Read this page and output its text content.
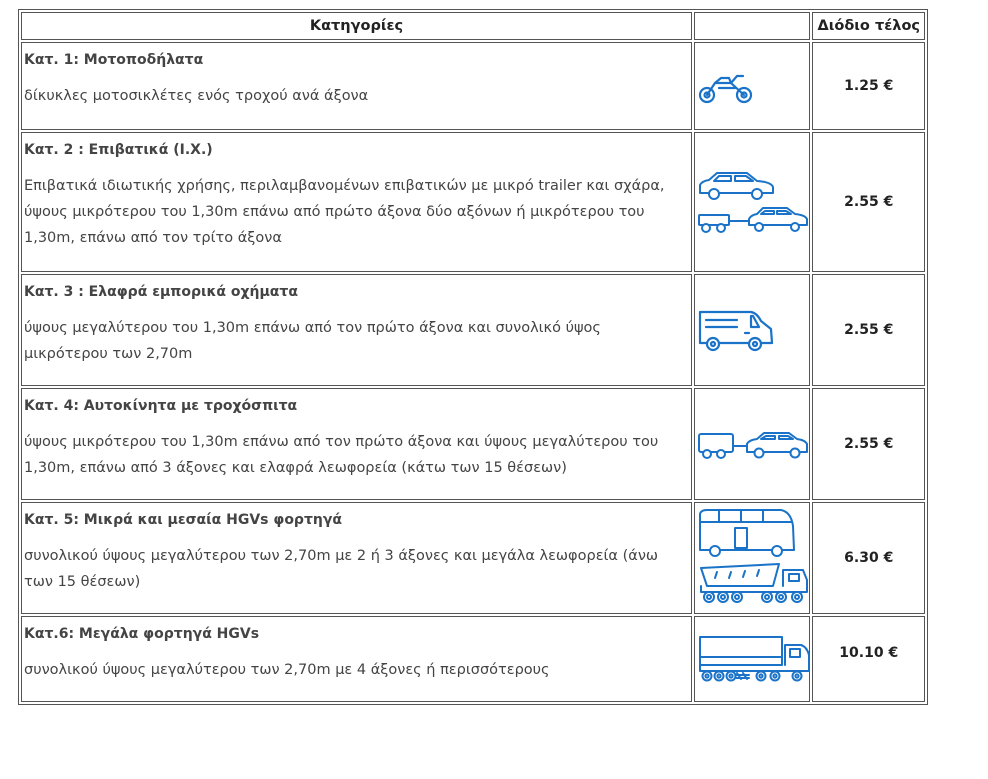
Κατηγορίες		Διόδιο τέλος

Κατ. 1: Μοτοποδήλατα
δίκυκλες μοτοσικλέτες ενός τροχού ανά άξονα		1.25 €

Κατ. 2 : Επιβατικά (Ι.Χ.)
Επιβατικά ιδιωτικής χρήσης, περιλαμβανομένων επιβατικών με μικρό trailer και σχάρα, ύψους μικρότερου του 1,30m επάνω από πρώτο άξονα δύο αξόνων ή μικρότερου του 1,30m, επάνω από τον τρίτο άξονα		2.55 €

Κατ. 3 : Ελαφρά εμπορικά οχήματα
ύψους μεγαλύτερου του 1,30m επάνω από τον πρώτο άξονα και συνολικό ύψος μικρότερου των 2,70m		2.55 €

Κατ. 4: Αυτοκίνητα με τροχόσπιτα
ύψους μικρότερου του 1,30m επάνω από τον πρώτο άξονα και ύψους μεγαλύτερου του 1,30m, επάνω από 3 άξονες και ελαφρά λεωφορεία (κάτω των 15 θέσεων)		2.55 €

Κατ. 5: Μικρά και μεσαία HGVs φορτηγά
συνολικού ύψους μεγαλύτερου των 2,70m με 2 ή 3 άξονες και μεγάλα λεωφορεία (άνω των 15 θέσεων)		6.30 €

Κατ.6: Μεγάλα φορτηγά HGVs
συνολικού ύψους μεγαλύτερου των 2,70m με 4 άξονες ή περισσότερους		10.10 €
